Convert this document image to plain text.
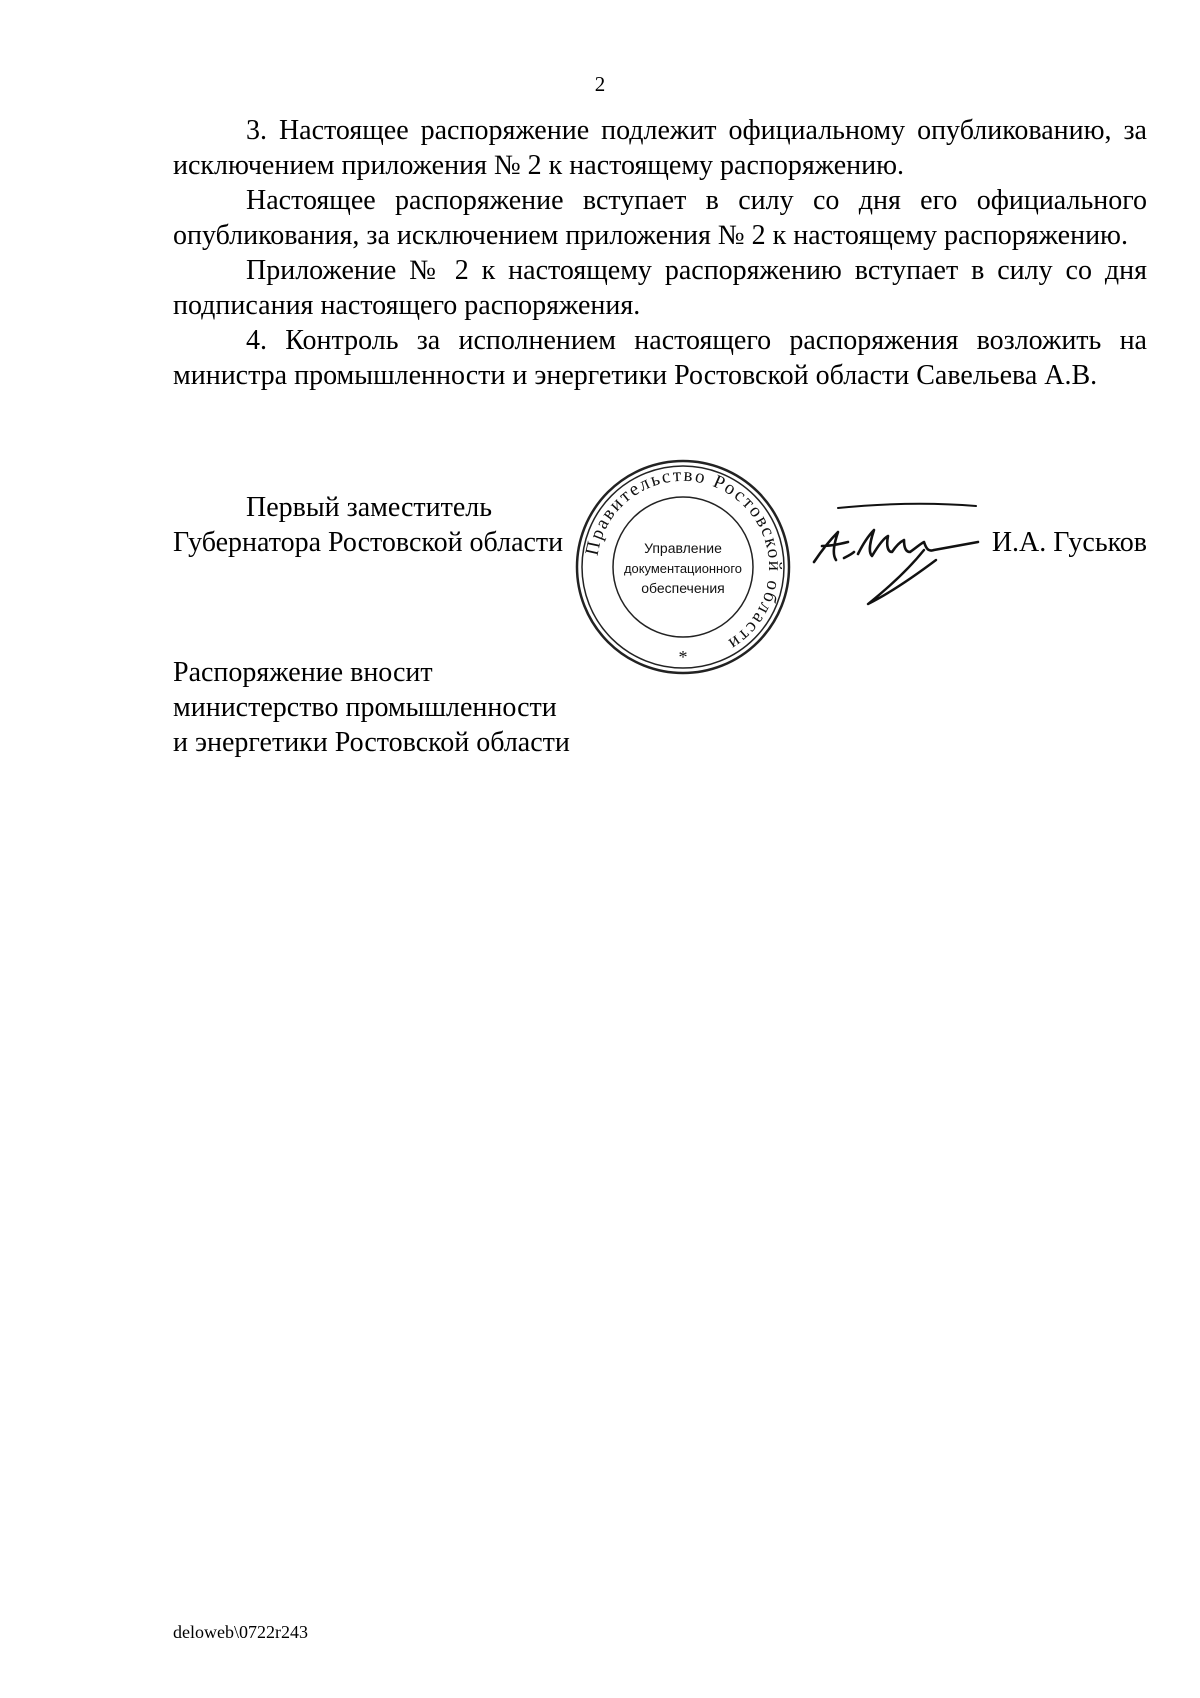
2

3. Настоящее распоряжение подлежит официальному опубликованию, за исключением приложения № 2 к настоящему распоряжению.

Настоящее распоряжение вступает в силу со дня его официального опубликования, за исключением приложения № 2 к настоящему распоряжению.

Приложение № 2 к настоящему распоряжению вступает в силу со дня подписания настоящего распоряжения.

4. Контроль за исполнением настоящего распоряжения возложить на министра промышленности и энергетики Ростовской области Савельева А.В.

Первый заместитель
Губернатора Ростовской области Правительство Ростовской области
Управление
документационного
обеспечения
*
И.А. Гуськов
Распоряжение вносит
министерство промышленности
и энергетики Ростовской области
deloweb\0722r243
